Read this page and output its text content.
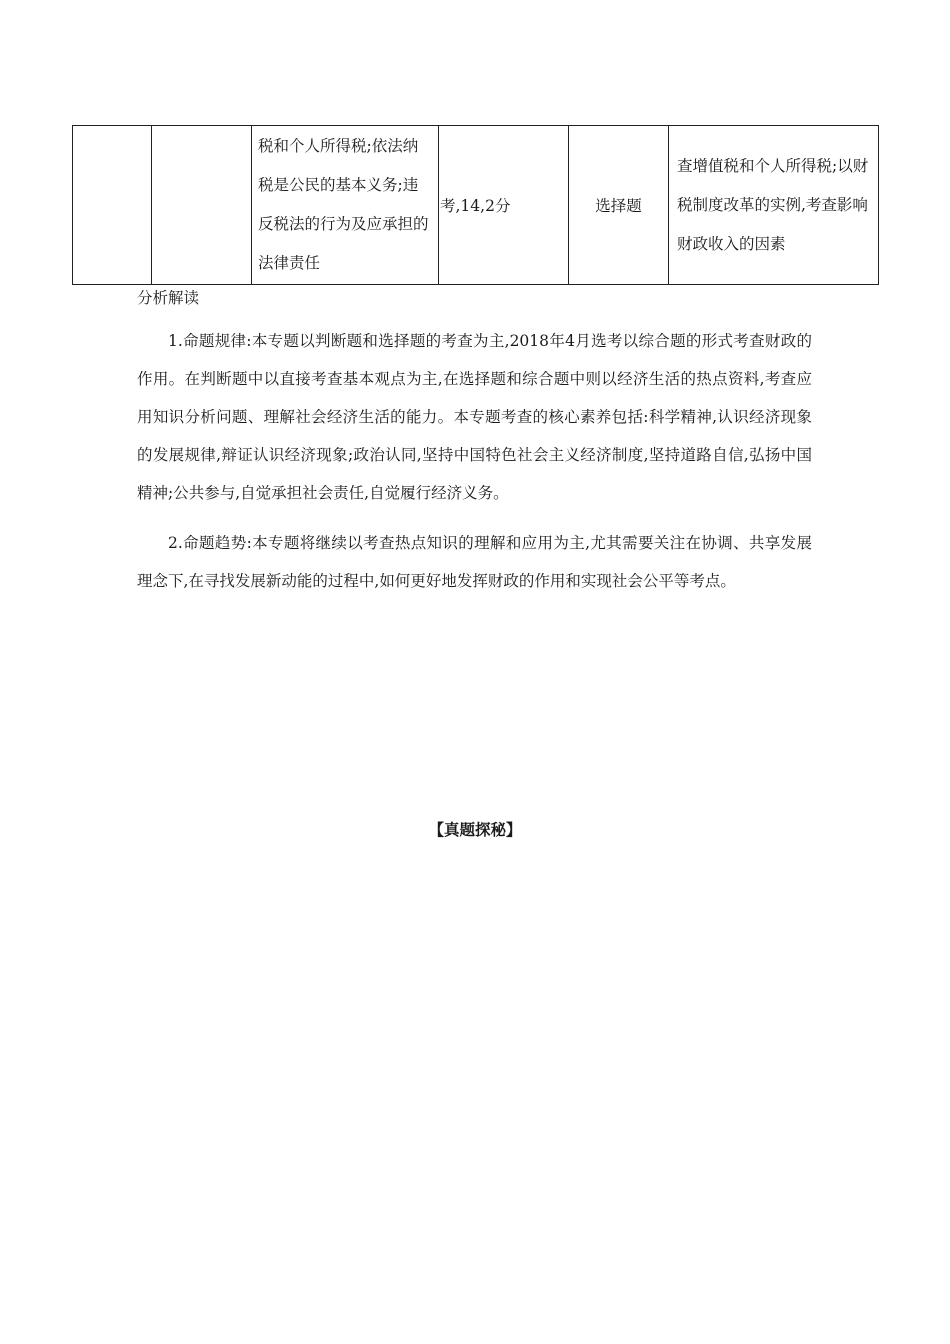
		税和个人所得税;依法纳税是公民的基本义务;违反税法的行为及应承担的法律责任	考,14,2分	选择题	查增值税和个人所得税;以财税制度改革的实例,考查影响财政收入的因素
分析解读

1.命题规律:本专题以判断题和选择题的考查为主,2018年4月选考以综合题的形式考查财政的作用。在判断题中以直接考查基本观点为主,在选择题和综合题中则以经济生活的热点资料,考查应用知识分析问题、理解社会经济生活的能力。本专题考查的核心素养包括:科学精神,认识经济现象的发展规律,辩证认识经济现象;政治认同,坚持中国特色社会主义经济制度,坚持道路自信,弘扬中国精神;公共参与,自觉承担社会责任,自觉履行经济义务。

2.命题趋势:本专题将继续以考查热点知识的理解和应用为主,尤其需要关注在协调、共享发展理念下,在寻找发展新动能的过程中,如何更好地发挥财政的作用和实现社会公平等考点。

【真题探秘】
